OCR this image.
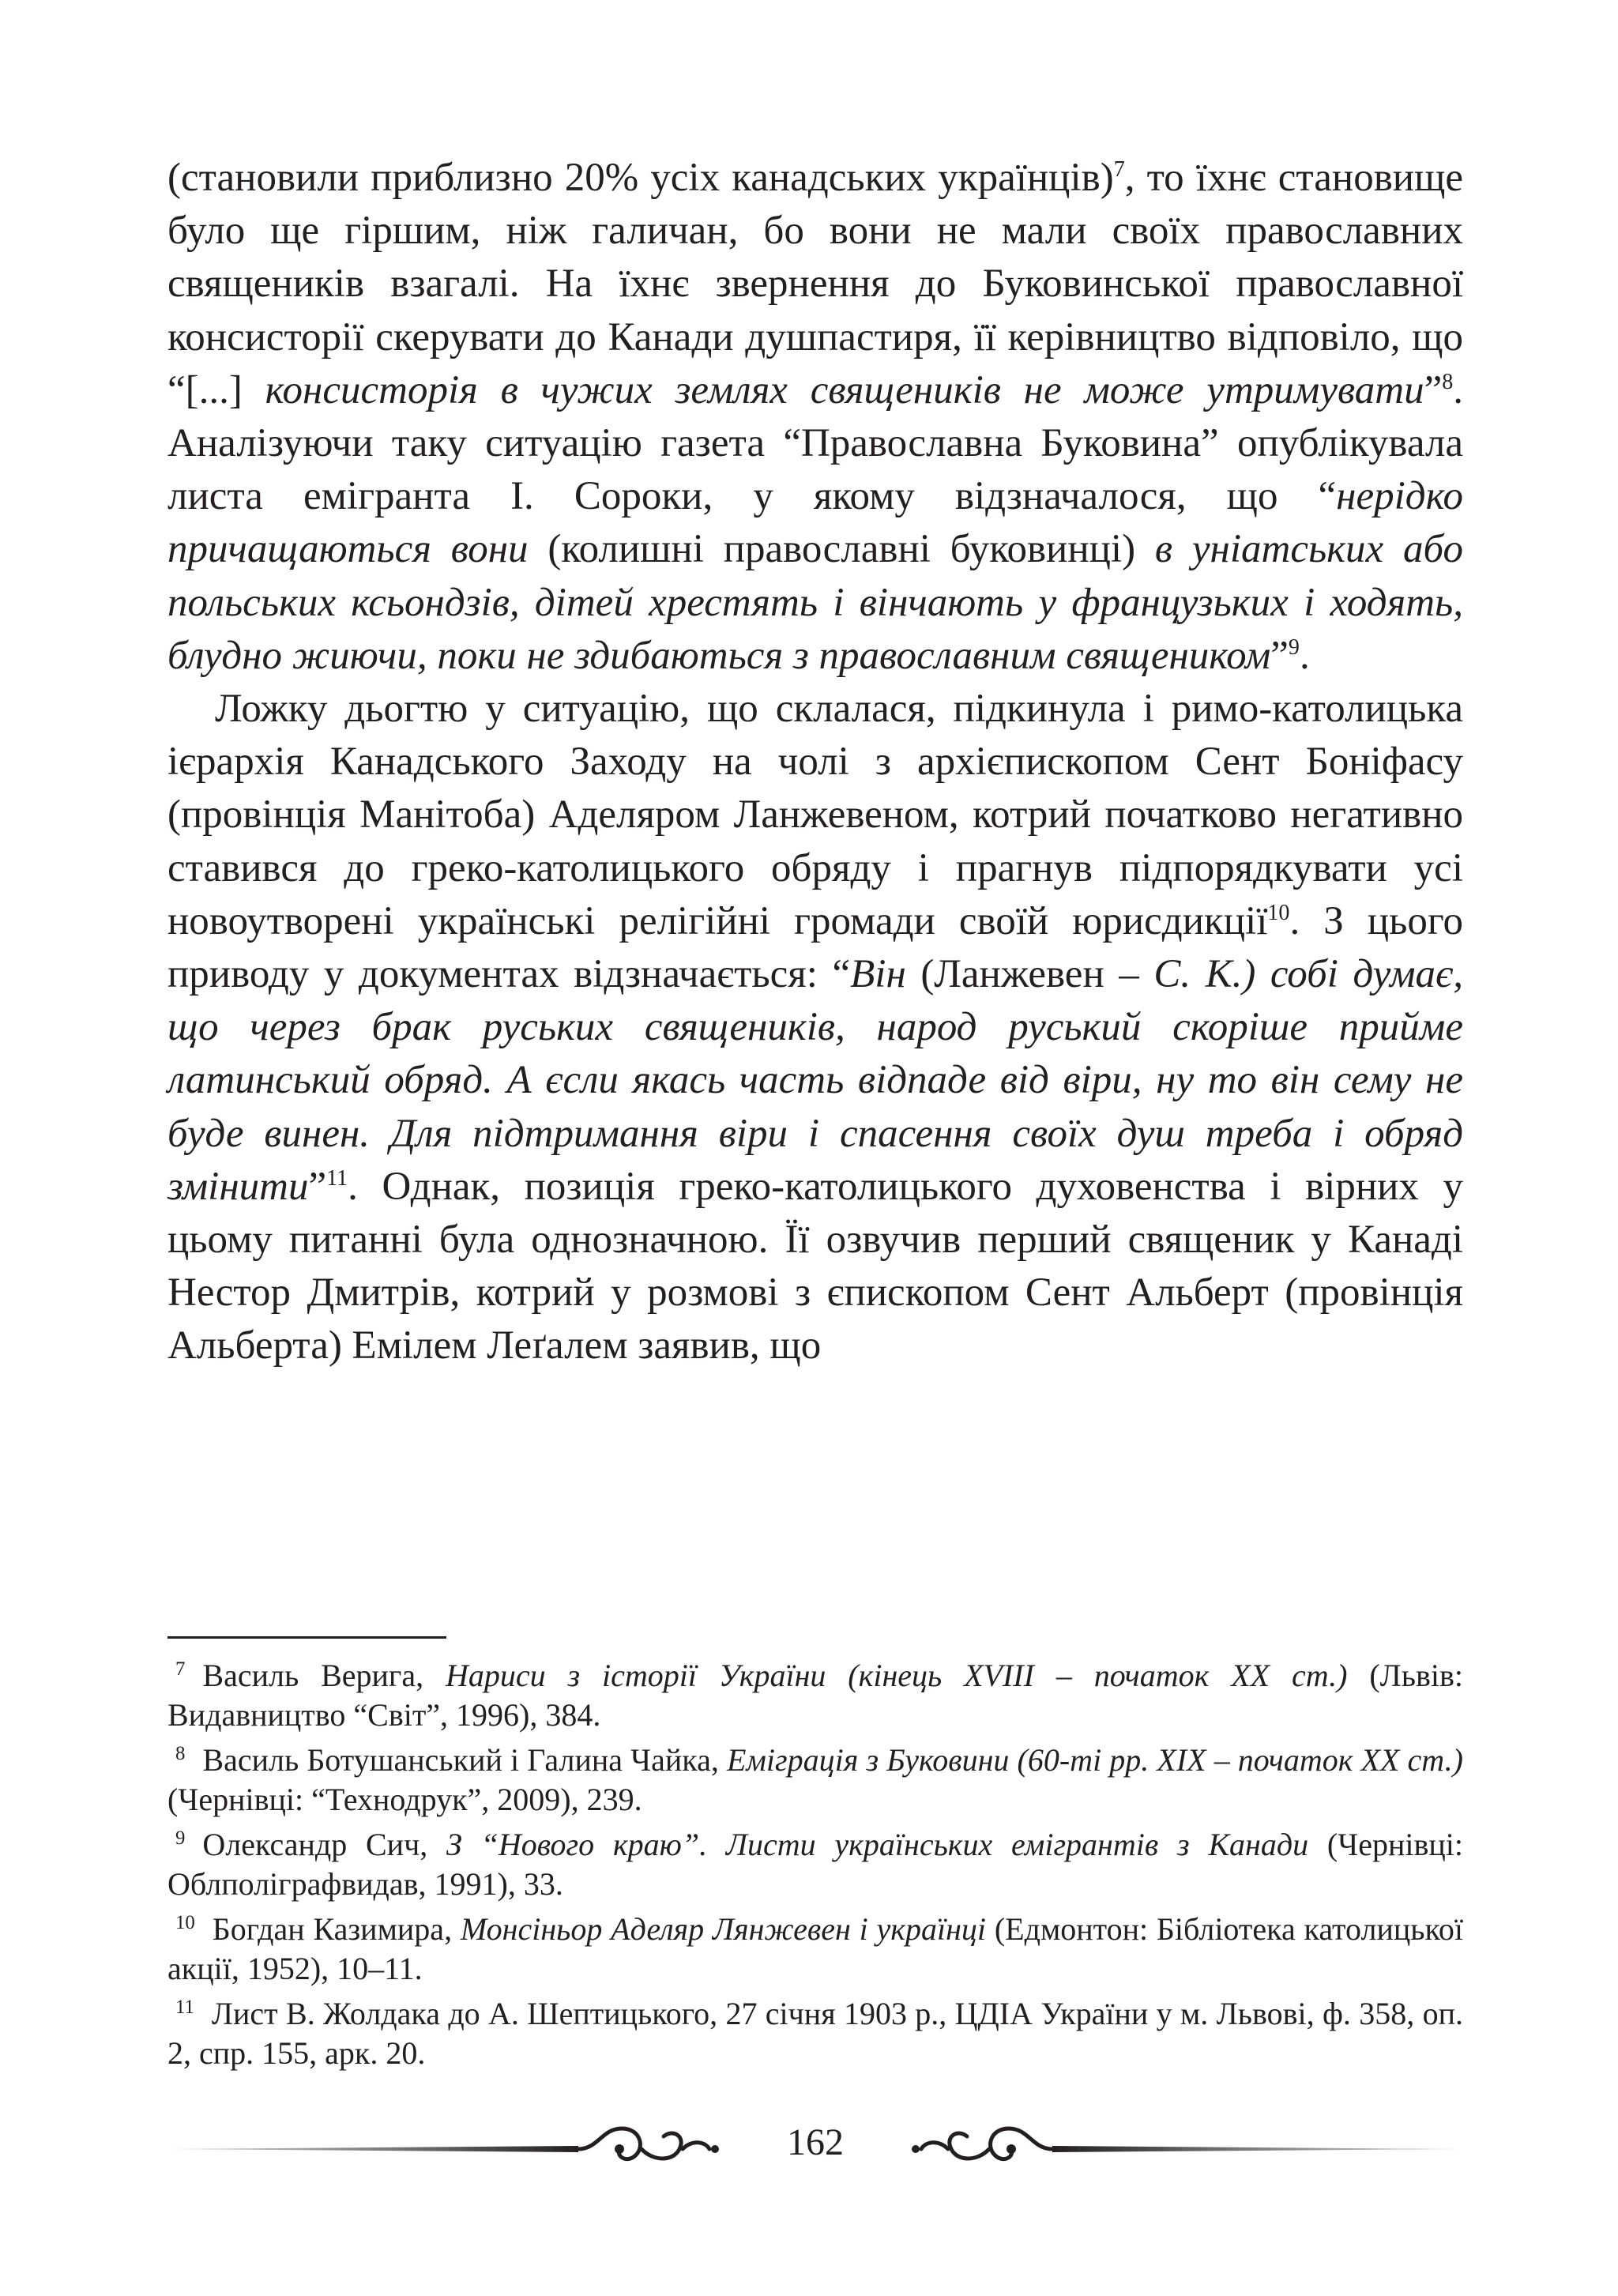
(становили приблизно 20% усіх канадських українців)$^7$, то їхнє становище було ще гіршим, ніж галичан, бо вони не мали своїх православних священиків взагалі. На їхнє звернення до Буковинської православної консисторії скерувати до Канади душпастиря, її керівництво відповіло, що “[...] консисторія в чужих землях священиків не може утримувати”$^8$. Аналізуючи таку ситуацію газета “Православна Буковина” опублікувала листа емігранта І. Сороки, у якому відзначалося, що “нерідко причащаються вони (колишні православні буковинці) в уніатських або польських ксьондзів, дітей хрестять і вінчають у французьких і ходять, блудно жиючи, поки не здибаються з православним священиком”$^9$.

Ложку дьогтю у ситуацію, що склалася, підкинула і римо-католицька ієрархія Канадського Заходу на чолі з архієпископом Сент Боніфасу (провінція Манітоба) Аделяром Ланжевеном, котрий початково негативно ставився до греко-католицького обряду і прагнув підпорядкувати усі новоутворені українські релігійні громади своїй юрисдикції$^{10}$. З цього приводу у документах відзначається: “Він (Ланжевен – С. К.) собі думає, що через брак руських священиків, народ руський скоріше прийме латинський обряд. А єсли якась часть відпаде від віри, ну то він сему не буде винен. Для підтримання віри і спасення своїх душ треба і обряд змінити”$^{11}$. Однак, позиція греко-католицького духовенства і вірних у цьому питанні була однозначною. Її озвучив перший священик у Канаді Нестор Дмитрів, котрий у розмові з єпископом Сент Альберт (провінція Альберта) Емілем Леґалем заявив, що

$^7$ Василь Верига, Нариси з історії України (кінець XVIII – початок XX ст.) (Львів: Видавництво “Світ”, 1996), 384.

$^8$ Василь Ботушанський і Галина Чайка, Еміграція з Буковини (60-ті рр. XIX – початок XX ст.) (Чернівці: “Технодрук”, 2009), 239.

$^9$ Олександр Сич, З “Нового краю”. Листи українських емігрантів з Канади (Чернівці: Облполіграфвидав, 1991), 33.

$^{10}$ Богдан Казимира, Монсіньор Аделяр Лянжевен і українці (Едмонтон: Бібліотека католицької акції, 1952), 10–11.

$^{11}$ Лист В. Жолдака до А. Шептицького, 27 січня 1903 р., ЦДІА України у м. Львові, ф. 358, оп. 2, спр. 155, арк. 20.

162
